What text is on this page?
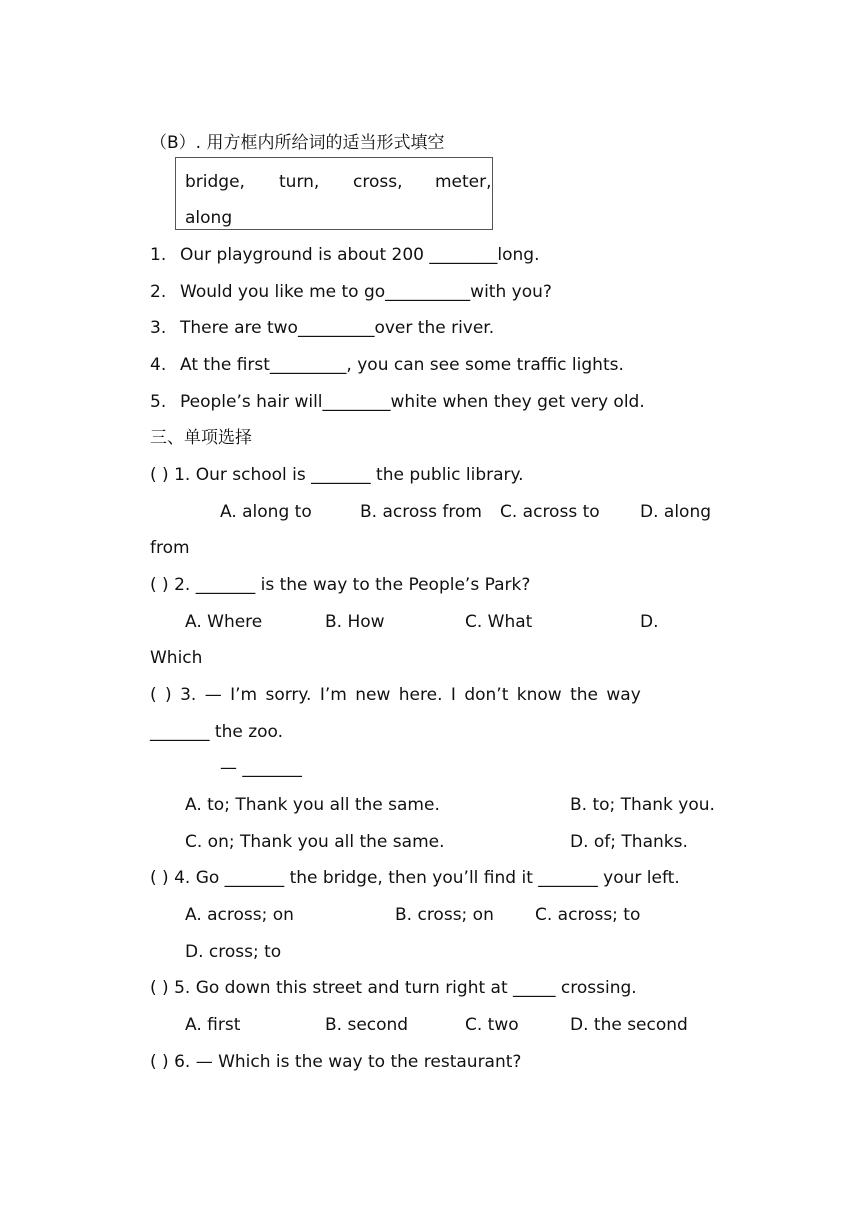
（B）. 用方框内所给词的适当形式填空
bridge, turn, cross, meter,
along
1. Our playground is about 200 ________long.
2. Would you like me to go__________with you?
3. There are two_________over the river.
4. At the first_________, you can see some traffic lights.
5. People’s hair will________white when they get very old.
三、单项选择
( ) 1. Our school is _______ the public library.
A. along to	B. across from C. across to D. along
from
( ) 2. _______ is the way to the People’s Park?
A. Where	B. How	C. What	D.
Which
( ) 3. — I’m sorry. I’m new here. I don’t know the way
_______ the zoo.
— _______
A. to; Thank you all the same.	B. to; Thank you.
C. on; Thank you all the same.	D. of; Thanks.
( ) 4. Go _______ the bridge, then you’ll find it _______ your left.
A. across; on	B. cross; on C. across; to
D. cross; to
( ) 5. Go down this street and turn right at _____ crossing.
A. first	B. second	C. two	D. the second
( ) 6. — Which is the way to the restaurant?
